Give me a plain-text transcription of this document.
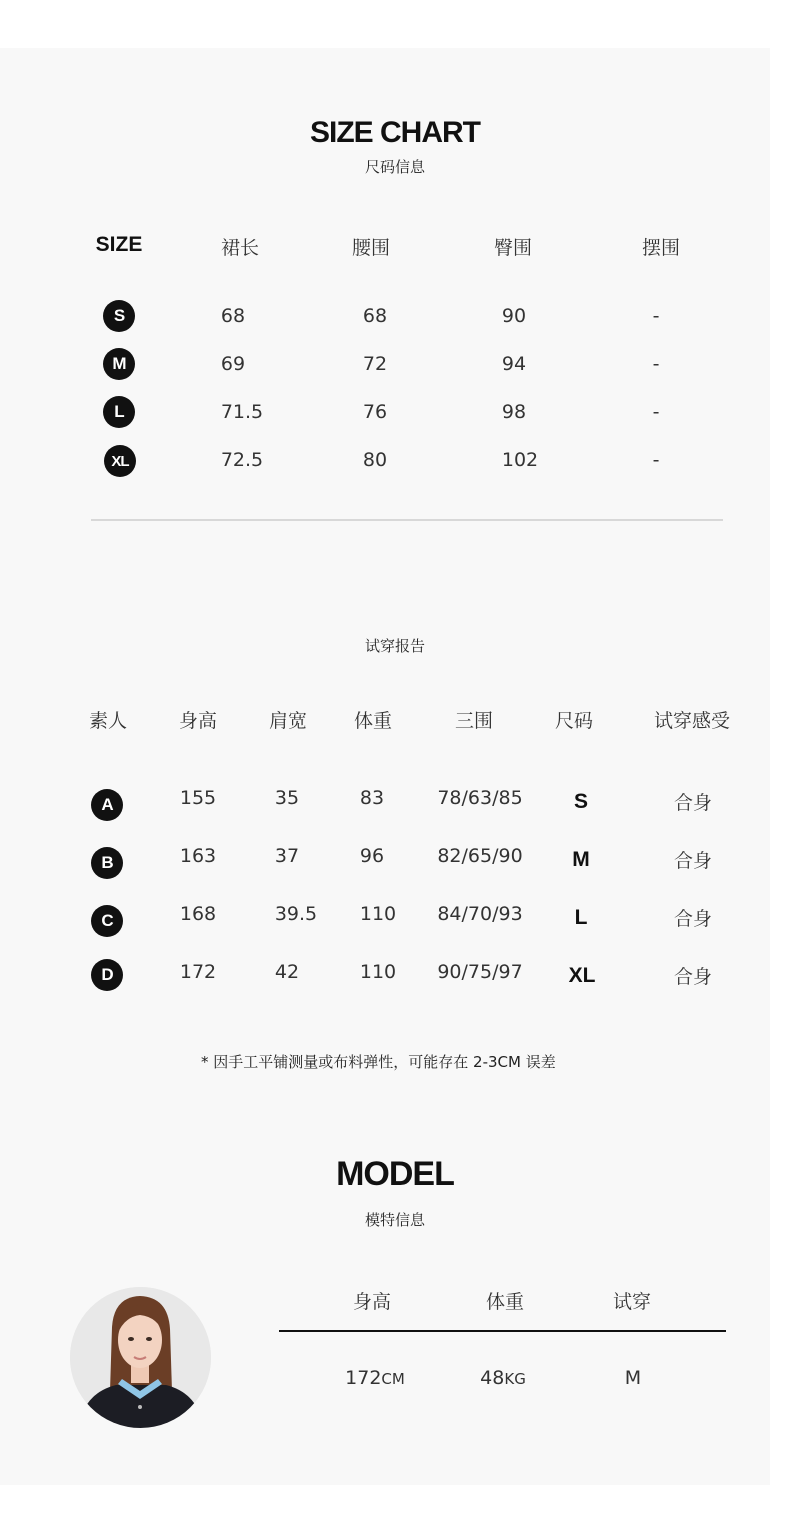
SIZE CHART
尺码信息
SIZE	裙长	腰围	臀围	摆围
S	68	68	90	-
M	69	72	94	-
L	71.5	76	98	-
XL	72.5	80	102	-
试穿报告
素人	身高	肩宽 体重	三围	尺码	试穿感受
A	155	35	83	78/63/85 S	合身
B	163	37	96	82/65/90 M	合身
C	168	39.5 110 84/70/93 L	合身
D	172	42	110 90/75/97 XL	合身
* 因手工平铺测量或布料弹性，可能存在 2-3CM 误差
MODEL
模特信息
身高	体重	试穿
172CM	48KG	M
